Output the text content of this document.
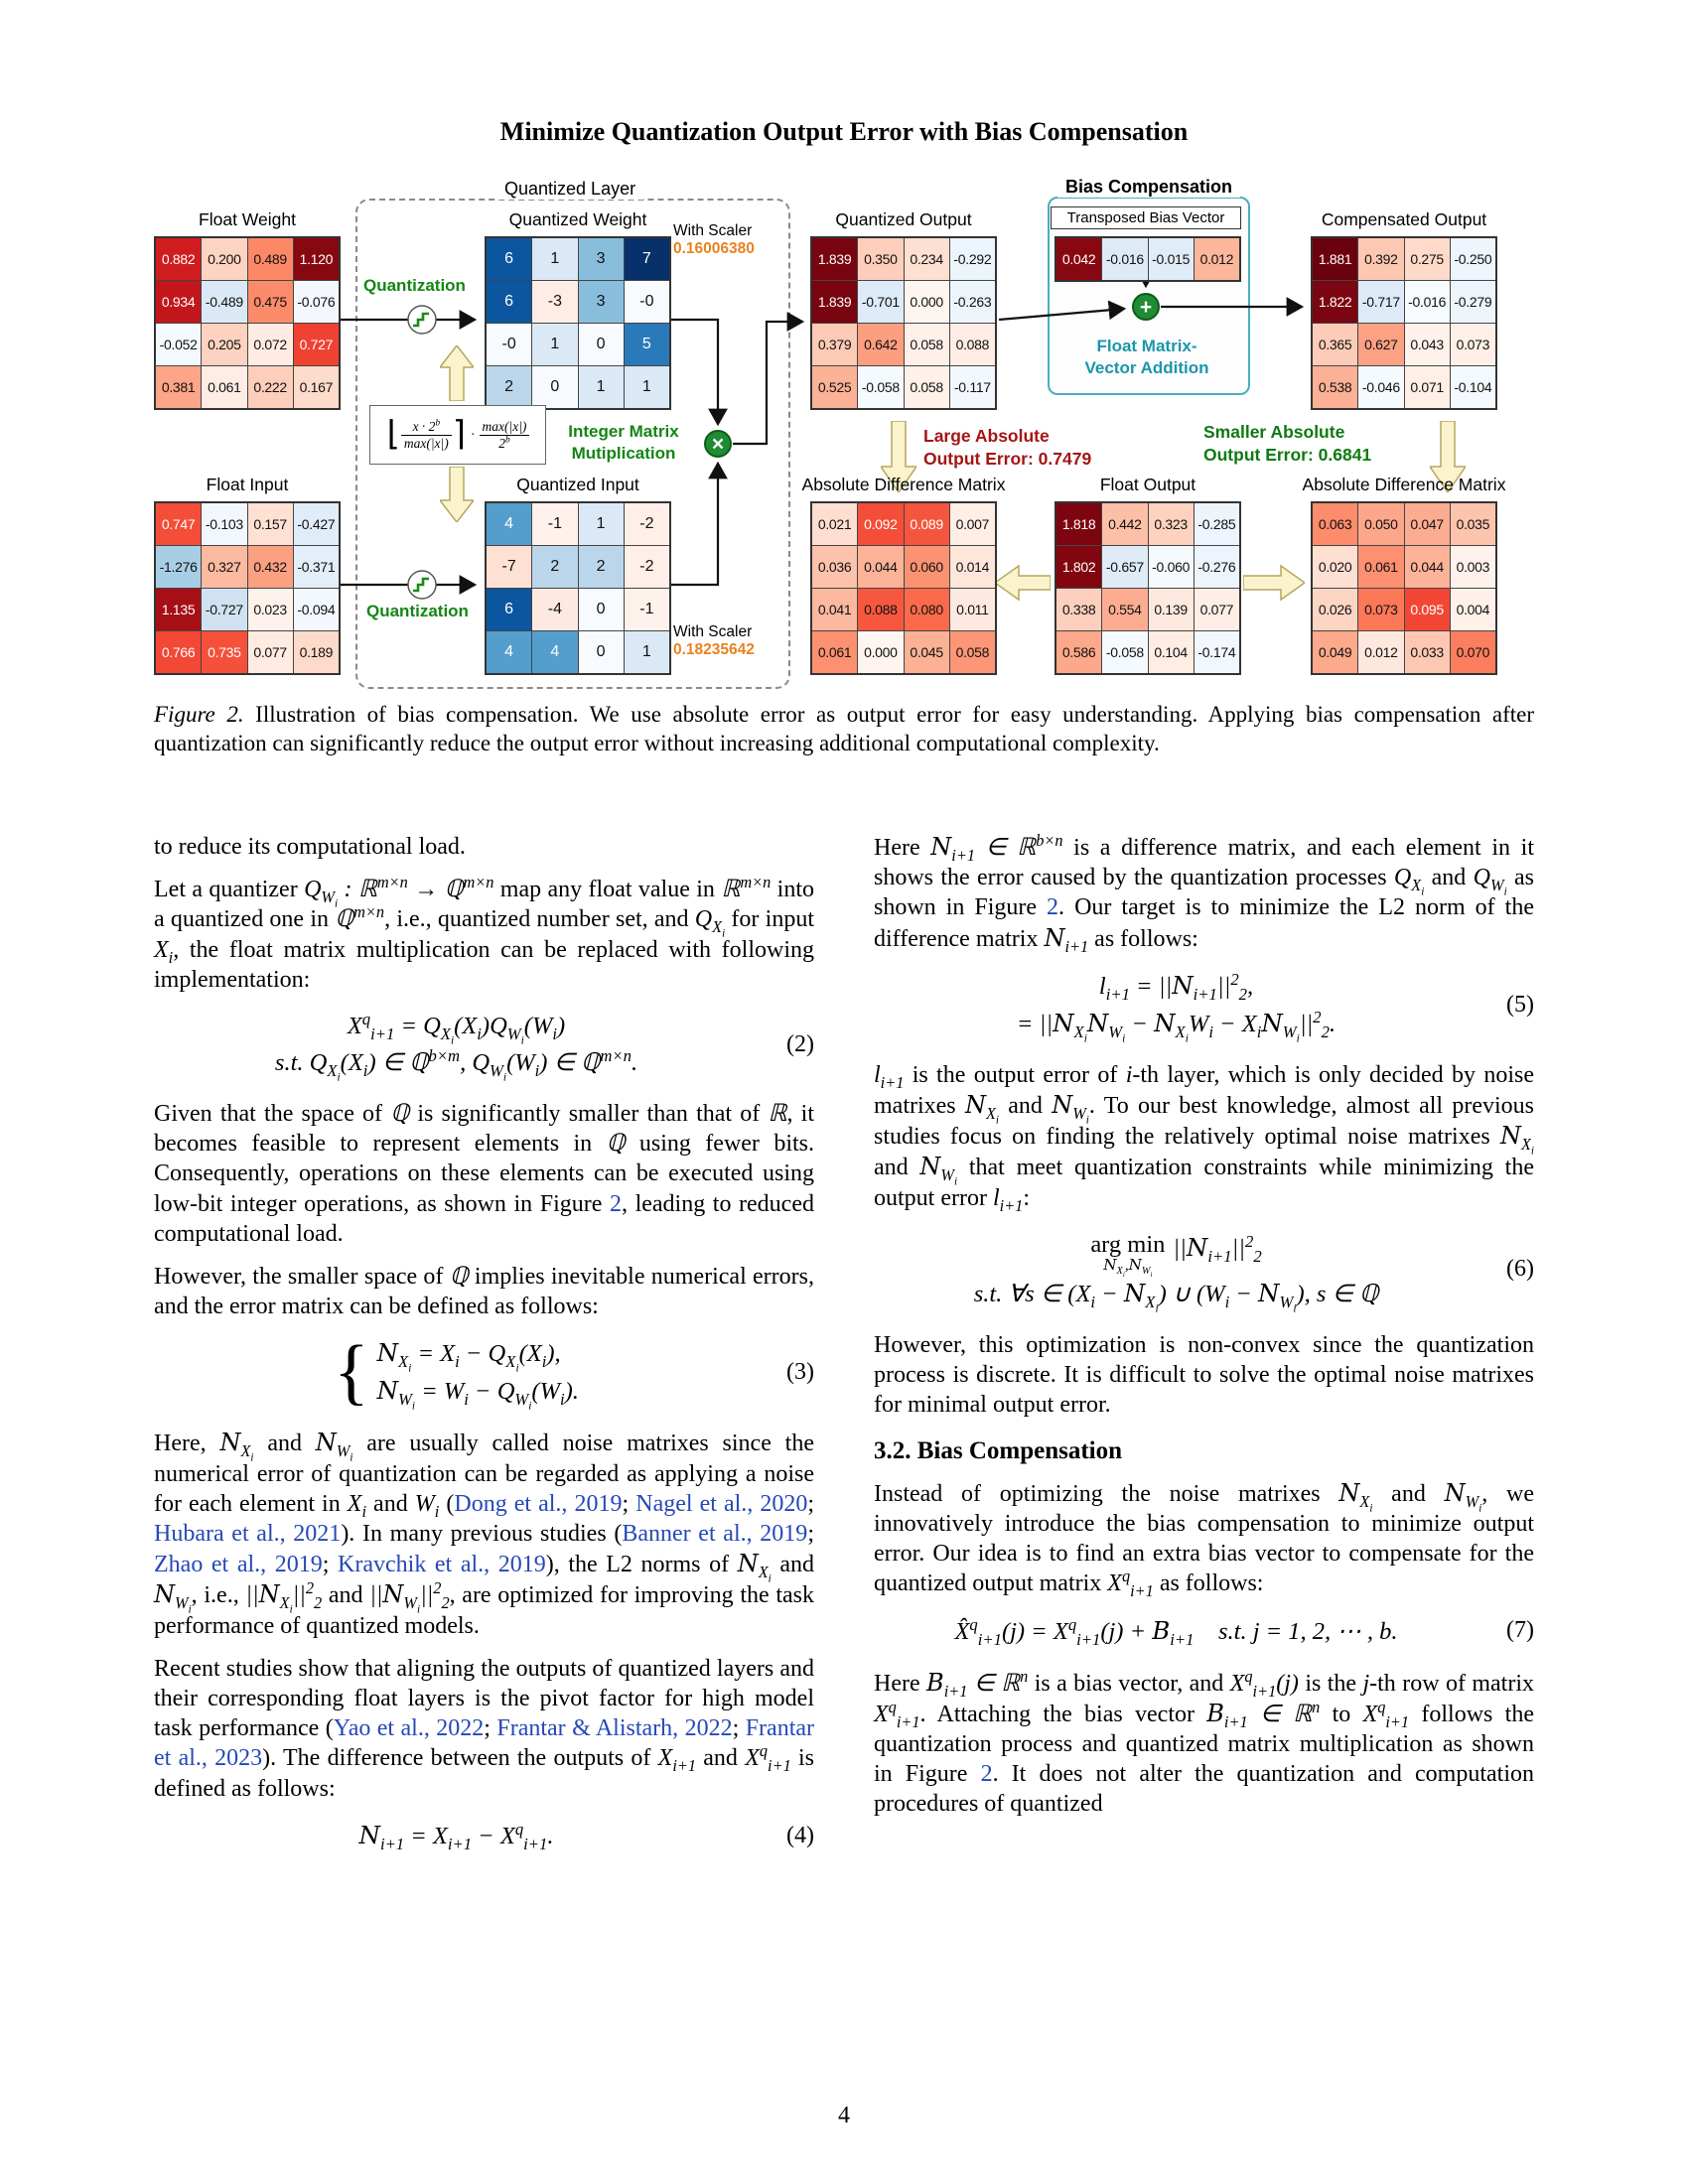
Minimize Quantization Output Error with Bias Compensation
Quantized Layer	Bias Compensation
Transposed Bias Vector
Float Matrix-
Vector Addition
Quantization
Quantization
⌊ $\frac{x \cdot 2^b}{\max(|x|)}$ ⌉ · $\frac{\max(|x|)}{2^b}$	Integer Matrix
Mutiplication	×
+
With Scaler
0.16006380
With Scaler
0.18235642
Large Absolute
Output Error: 0.7479
Smaller Absolute
Output Error: 0.6841
Float Weight
0.882 0.200 0.489 1.120
0.934 -0.489 0.475 -0.076
-0.052 0.205 0.072 0.727
0.381 0.061 0.222 0.167
Quantized Weight
6	1	3	7
6	-3	3	-0
-0	1	0	5
2	0	1	1
Quantized Output
1.839 0.350 0.234 -0.292
1.839 -0.701 0.000 -0.263
0.379 0.642 0.058 0.088
0.525 -0.058 0.058 -0.117
0.042 -0.016 -0.015 0.012
Compensated Output
1.881 0.392 0.275 -0.250
1.822 -0.717 -0.016 -0.279
0.365 0.627 0.043 0.073
0.538 -0.046 0.071 -0.104
Float Input
0.747 -0.103 0.157 -0.427
-1.276 0.327 0.432 -0.371
1.135 -0.727 0.023 -0.094
0.766 0.735 0.077 0.189
Quantized Input
4	-1	1	-2
-7	2	2	-2
6	-4	0	-1
4	4	0	1
Absolute Difference Matrix
0.021 0.092 0.089 0.007
0.036 0.044 0.060 0.014
0.041 0.088 0.080 0.011
0.061 0.000 0.045 0.058
Float Output
1.818 0.442 0.323 -0.285
1.802 -0.657 -0.060 -0.276
0.338 0.554 0.139 0.077
0.586 -0.058 0.104 -0.174
Absolute Difference Matrix
0.063 0.050 0.047 0.035
0.020 0.061 0.044 0.003
0.026 0.073 0.095 0.004
0.049 0.012 0.033 0.070
Figure 2. Illustration of bias compensation. We use absolute error as output error for easy understanding. Applying bias compensation after quantization can significantly reduce the output error without increasing additional computational complexity.

to reduce its computational load.

Let a quantizer $Q_{W_i}$ : ℝ$^{m\times n}$ → ℚ$^{m\times n}$ map any float value in ℝ$^{m\times n}$ into a quantized one in ℚ$^{m\times n}$, i.e., quantized number set, and $Q_{X_i}$ for input $X_i$, the float matrix multiplication can be replaced with following implementation:

$X^q_{i+1} = Q_{X_i}(X_i)Q_{W_i}(W_i)$
s.t. $Q_{X_i}(X_i)$ ∈ ℚ$^{b\times m}$, $Q_{W_i}(W_i)$ ∈ ℚ$^{m\times n}$.
(2)

Given that the space of ℚ is significantly smaller than that of ℝ, it becomes feasible to represent elements in ℚ using fewer bits. Consequently, operations on these elements can be executed using low-bit integer operations, as shown in Figure 2, leading to reduced computational load.

However, the smaller space of ℚ implies inevitable numerical errors, and the error matrix can be defined as follows:

{ $N_{X_i} = X_i - Q_{X_i}(X_i)$,
$N_{W_i} = W_i - Q_{W_i}(W_i)$.
(3)

Here, $N_{X_i}$ and $N_{W_i}$ are usually called noise matrixes since the numerical error of quantization can be regarded as applying a noise for each element in $X_i$ and $W_i$ (Dong et al., 2019; Nagel et al., 2020; Hubara et al., 2021). In many previous studies (Banner et al., 2019; Zhao et al., 2019; Kravchik et al., 2019), the L2 norms of $N_{X_i}$ and $N_{W_i}$, i.e., $||N_{X_i}||^2_2$ and $||N_{W_i}||^2_2$, are optimized for improving the task performance of quantized models.

Recent studies show that aligning the outputs of quantized layers and their corresponding float layers is the pivot factor for high model task performance (Yao et al., 2022; Frantar & Alistarh, 2022; Frantar et al., 2023). The difference between the outputs of $X_{i+1}$ and $X^q_{i+1}$ is defined as follows:

$N_{i+1} = X_{i+1} - X^q_{i+1}$.	(4)

Here $N_{i+1}$ ∈ ℝ$^{b\times n}$ is a difference matrix, and each element in it shows the error caused by the quantization processes $Q_{X_i}$ and $Q_{W_i}$ as shown in Figure 2. Our target is to minimize the L2 norm of the difference matrix $N_{i+1}$ as follows:

$l_{i+1} = ||N_{i+1}||^2_2$,
= $||N_{X_i}N_{W_i} - N_{X_i}W_i - X_iN_{W_i}||^2_2$.
(5)

$l_{i+1}$ is the output error of i-th layer, which is only decided by noise matrixes $N_{X_i}$ and $N_{W_i}$. To our best knowledge, almost all previous studies focus on finding the relatively optimal noise matrixes $N_{X_i}$ and $N_{W_i}$ that meet quantization constraints while minimizing the output error $l_{i+1}$:

arg min
$N_{X_i},N_{W_i}$
$||N_{i+1}||^2_2$
s.t. ∀s ∈ $(X_i - N_{X_i})$ ∪ $(W_i - N_{W_i})$, s ∈ ℚ
(6)

However, this optimization is non-convex since the quantization process is discrete. It is difficult to solve the optimal noise matrixes for minimal output error.

3.2. Bias Compensation

Instead of optimizing the noise matrixes $N_{X_i}$ and $N_{W_i}$, we innovatively introduce the bias compensation to minimize output error. Our idea is to find an extra bias vector to compensate for the quantized output matrix $X^q_{i+1}$ as follows:

X̂$^q_{i+1}$(j) = $X^q_{i+1}(j) + B_{i+1}$ s.t. j = 1, 2, ⋯ , b.	(7)

Here $B_{i+1}$ ∈ ℝ$^n$ is a bias vector, and $X^q_{i+1}(j)$ is the j-th row of matrix $X^q_{i+1}$. Attaching the bias vector $B_{i+1}$ ∈ ℝ$^n$ to $X^q_{i+1}$ follows the quantization process and quantized matrix multiplication as shown in Figure 2. It does not alter the quantization and computation procedures of quantized

4
